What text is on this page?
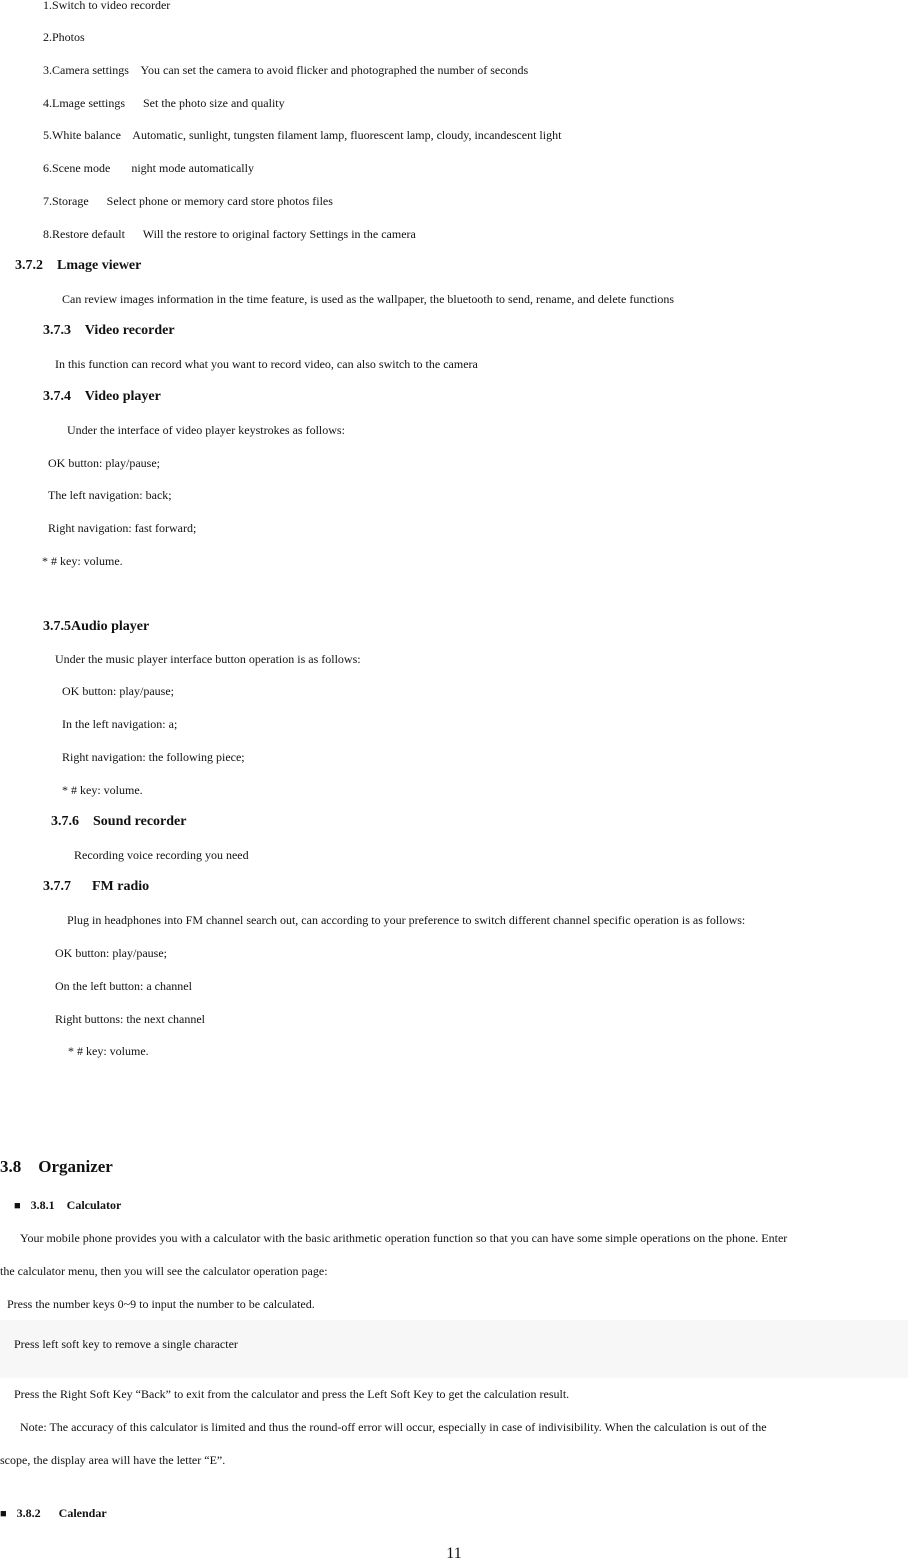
1.Switch to video recorder
2.Photos
3.Camera settings    You can set the camera to avoid flicker and photographed the number of seconds
4.Lmage settings      Set the photo size and quality
5.White balance    Automatic, sunlight, tungsten filament lamp, fluorescent lamp, cloudy, incandescent light
6.Scene mode       night mode automatically
7.Storage      Select phone or memory card store photos files
8.Restore default      Will the restore to original factory Settings in the camera
3.7.2    Lmage viewer
Can review images information in the time feature, is used as the wallpaper, the bluetooth to send, rename, and delete functions
3.7.3    Video recorder
In this function can record what you want to record video, can also switch to the camera
3.7.4    Video player
Under the interface of video player keystrokes as follows:
OK button: play/pause;
The left navigation: back;
Right navigation: fast forward;
* # key: volume.
3.7.5Audio player
Under the music player interface button operation is as follows:
OK button: play/pause;
In the left navigation: a;
Right navigation: the following piece;
* # key: volume.
3.7.6    Sound recorder
Recording voice recording you need
3.7.7      FM radio
Plug in headphones into FM channel search out, can according to your preference to switch different channel specific operation is as follows:
OK button: play/pause;
On the left button: a channel
Right buttons: the next channel
* # key: volume.
3.8    Organizer
■ 3.8.1    Calculator
Your mobile phone provides you with a calculator with the basic arithmetic operation function so that you can have some simple operations on the phone. Enter
the calculator menu, then you will see the calculator operation page:
Press the number keys 0~9 to input the number to be calculated.
Press left soft key to remove a single character
Press the Right Soft Key “Back” to exit from the calculator and press the Left Soft Key to get the calculation result.
Note: The accuracy of this calculator is limited and thus the round-off error will occur, especially in case of indivisibility. When the calculation is out of the
scope, the display area will have the letter “E”.
■ 3.8.2      Calendar
11
